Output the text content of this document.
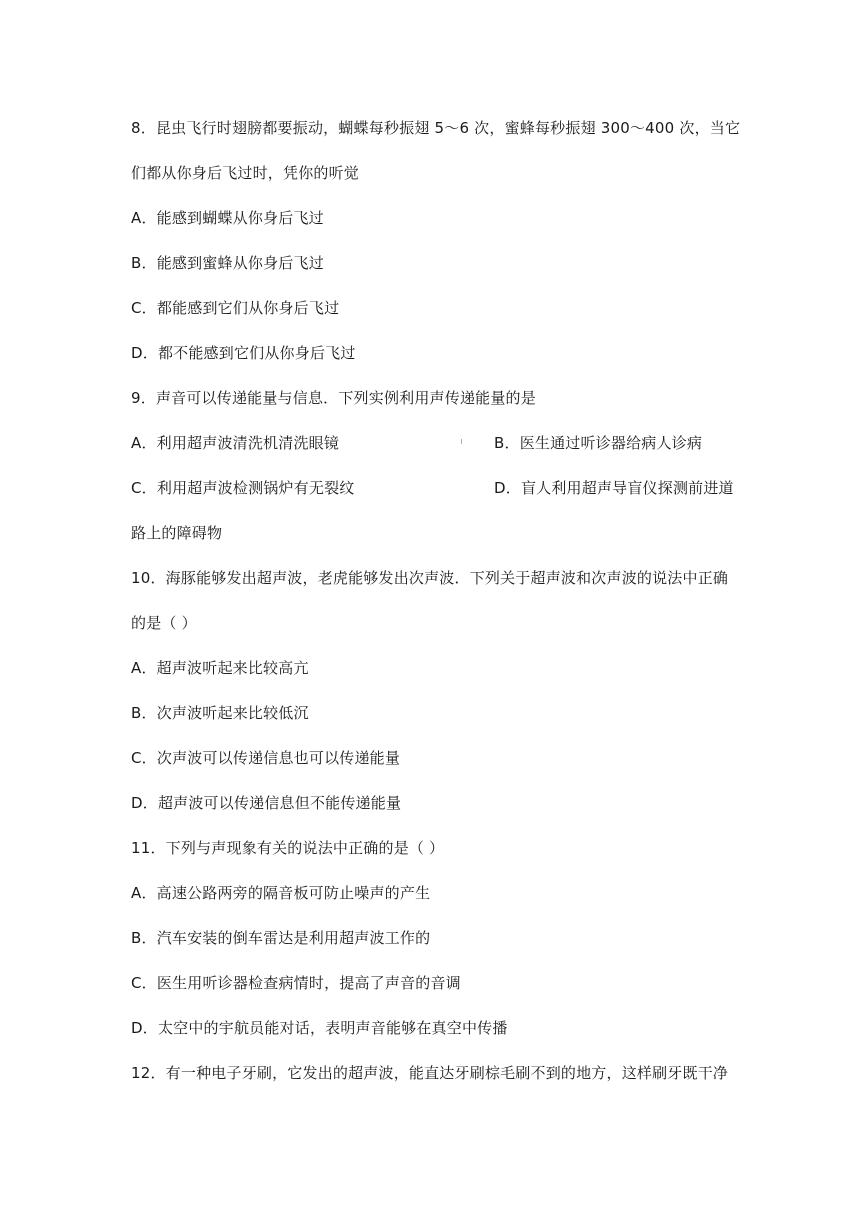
8．昆虫飞行时翅膀都要振动，蝴蝶每秒振翅 5～6 次，蜜蜂每秒振翅 300～400 次，当它
们都从你身后飞过时，凭你的听觉
A．能感到蝴蝶从你身后飞过
B．能感到蜜蜂从你身后飞过
C．都能感到它们从你身后飞过
D．都不能感到它们从你身后飞过
9．声音可以传递能量与信息．下列实例利用声传递能量的是
A．利用超声波清洗机清洗眼镜	B．医生通过听诊器给病人诊病
C．利用超声波检测锅炉有无裂纹	D．盲人利用超声导盲仪探测前进道
路上的障碍物
10．海豚能够发出超声波，老虎能够发出次声波．下列关于超声波和次声波的说法中正确
的是（ ）
A．超声波听起来比较高亢
B．次声波听起来比较低沉
C．次声波可以传递信息也可以传递能量
D．超声波可以传递信息但不能传递能量
11．下列与声现象有关的说法中正确的是（ ）
A．高速公路两旁的隔音板可防止噪声的产生
B．汽车安装的倒车雷达是利用超声波工作的
C．医生用听诊器检查病情时，提高了声音的音调
D．太空中的宇航员能对话，表明声音能够在真空中传播
12．有一种电子牙刷，它发出的超声波，能直达牙刷棕毛刷不到的地方，这样刷牙既干净
